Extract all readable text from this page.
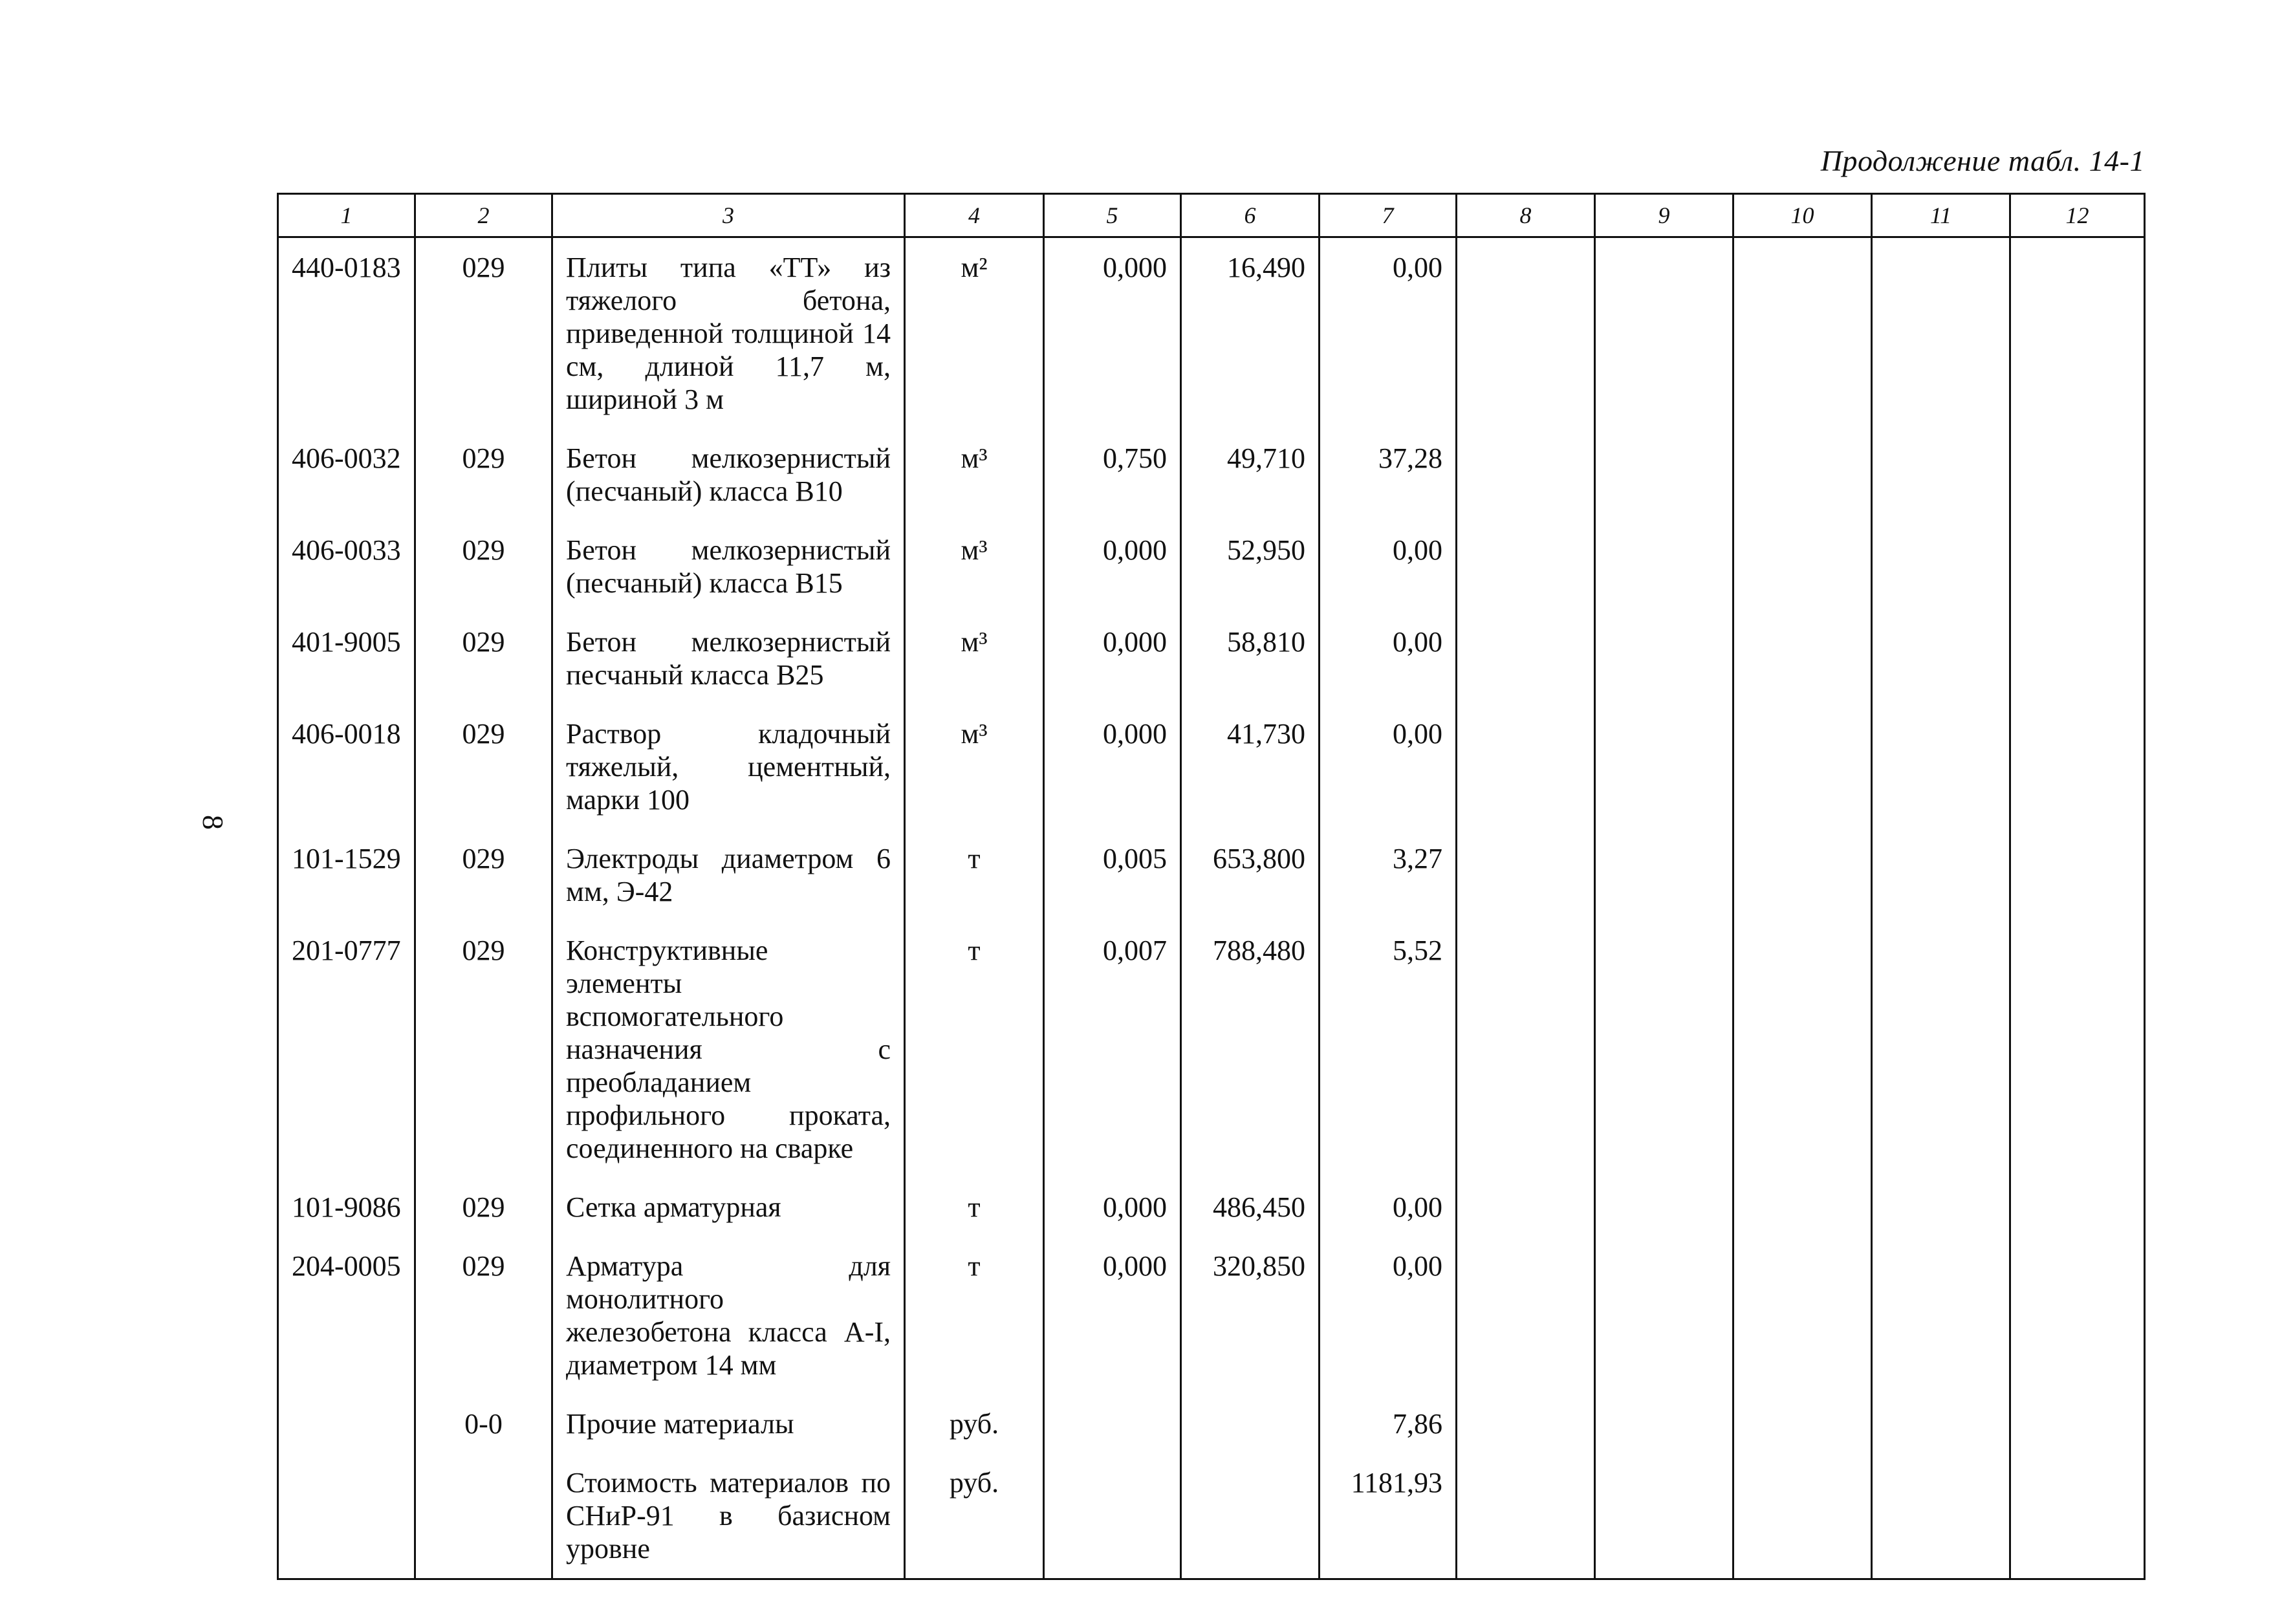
Продолжение табл. 14-1
8
1	2	3	4	5	6	7	8	9	10	11	12

440-0183	029	Плиты типа «ТТ» из тяжелого бетона, приведенной толщиной 14 см, длиной 11,7 м, шириной 3 м	м²	0,000	16,490	0,00					

406-0032	029	Бетон мелкозернистый (песчаный) класса В10	м³	0,750	49,710	37,28					

406-0033	029	Бетон мелкозернистый (песчаный) класса В15	м³	0,000	52,950	0,00					

401-9005	029	Бетон мелкозернистый песчаный класса В25	м³	0,000	58,810	0,00					

406-0018	029	Раствор кладочный тяжелый, цементный, марки 100	м³	0,000	41,730	0,00					

101-1529	029	Электроды диаметром 6 мм, Э-42	т	0,005	653,800	3,27					

201-0777	029	Конструктивные элементы вспомогательного назначения с преобладанием профильного проката, соединенного на сварке	т	0,007	788,480	5,52					

101-9086	029	Сетка арматурная	т	0,000	486,450	0,00					

204-0005	029	Арматура для монолитного железобетона класса А-I, диаметром 14 мм	т	0,000	320,850	0,00					

	0-0	Прочие материалы	руб.			7,86					

		Стоимость материалов по СНиР-91 в базисном уровне	руб.			1181,93					
